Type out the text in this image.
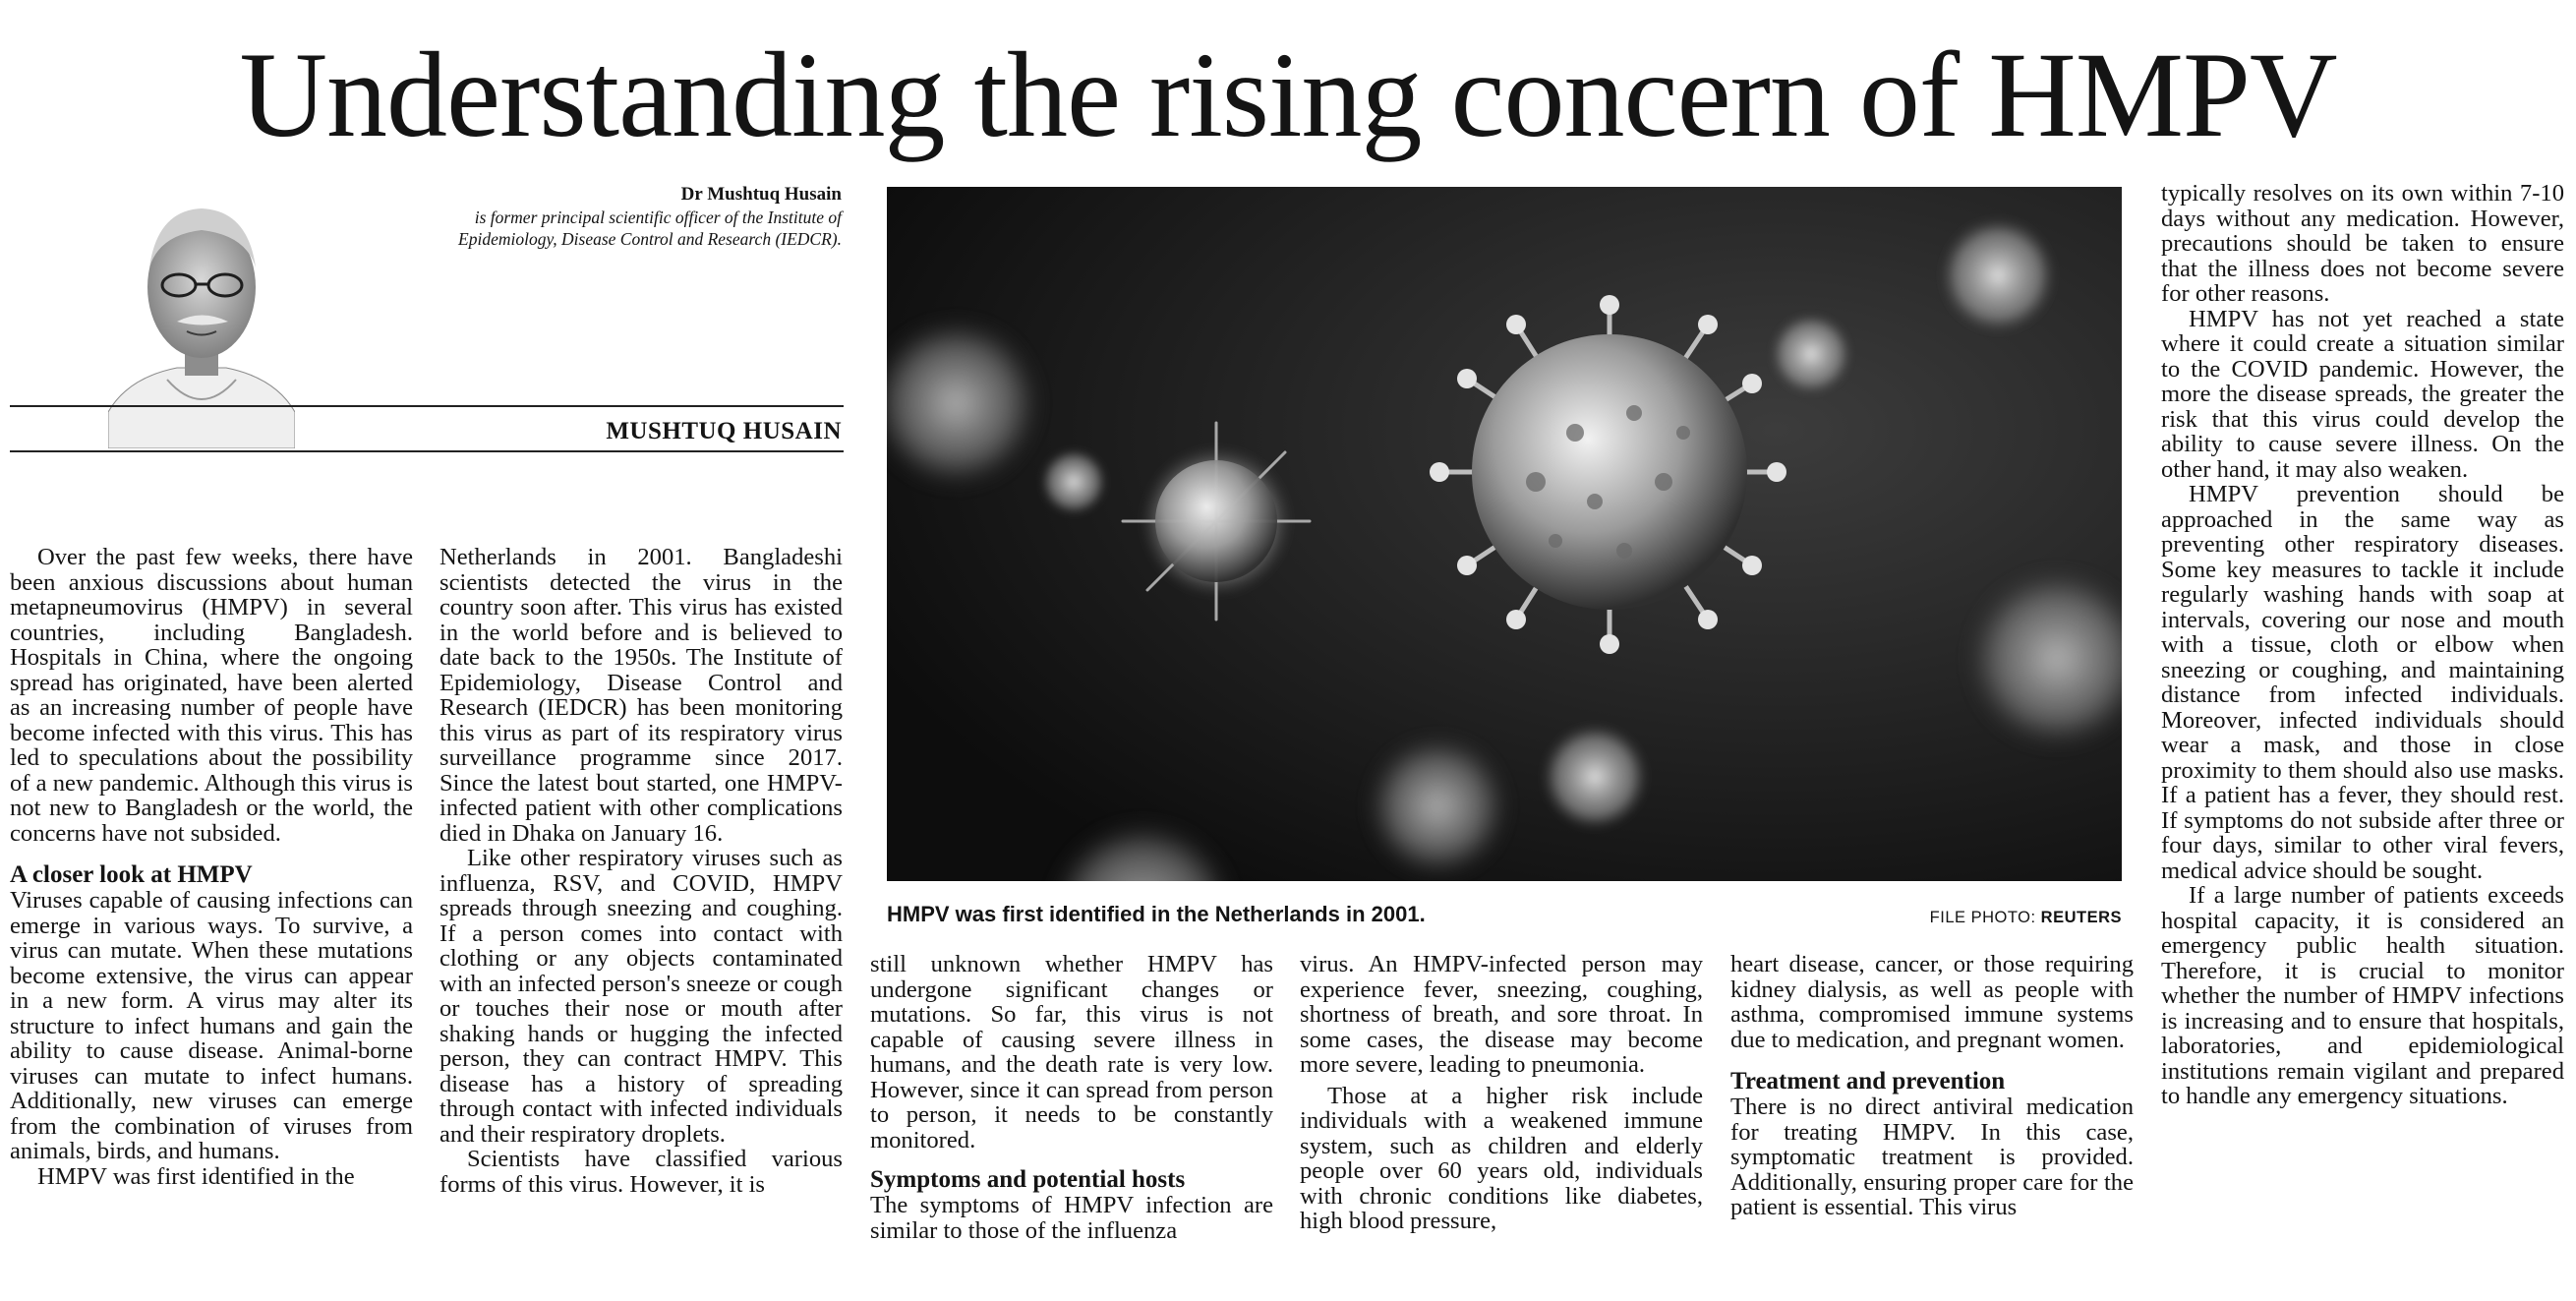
Understanding the rising concern of HMPV
Dr Mushtuq Husain
is former principal scientific officer of the Institute of Epidemiology, Disease Control and Research (IEDCR).
MUSHTUQ HUSAIN

Over the past few weeks, there have been anxious discussions about human metapneumovirus (HMPV) in several countries, including Bangladesh. Hospitals in China, where the ongoing spread has originated, have been alerted as an increasing number of people have become infected with this virus. This has led to speculations about the possibility of a new pandemic. Although this virus is not new to Bangladesh or the world, the concerns have not subsided.

A closer look at HMPV

Viruses capable of causing infections can emerge in various ways. To survive, a virus can mutate. When these mutations become extensive, the virus can appear in a new form. A virus may alter its structure to infect humans and gain the ability to cause disease. Animal-borne viruses can mutate to infect humans. Additionally, new viruses can emerge from the combination of viruses from animals, birds, and humans.

HMPV was first identified in the

Netherlands in 2001. Bangladeshi scientists detected the virus in the country soon after. This virus has existed in the world before and is believed to date back to the 1950s. The Institute of Epidemiology, Disease Control and Research (IEDCR) has been monitoring this virus as part of its respiratory virus surveillance programme since 2017. Since the latest bout started, one HMPV-infected patient with other complications died in Dhaka on January 16.

Like other respiratory viruses such as influenza, RSV, and COVID, HMPV spreads through sneezing and coughing. If a person comes into contact with clothing or any objects contaminated with an infected person's sneeze or cough or touches their nose or mouth after shaking hands or hugging the infected person, they can contract HMPV. This disease has a history of spreading through contact with infected individuals and their respiratory droplets.

Scientists have classified various forms of this virus. However, it is

HMPV was first identified in the Netherlands in 2001.	FILE PHOTO: REUTERS

still unknown whether HMPV has undergone significant changes or mutations. So far, this virus is not capable of causing severe illness in humans, and the death rate is very low. However, since it can spread from person to person, it needs to be constantly monitored.

Symptoms and potential hosts

The symptoms of HMPV infection are similar to those of the influenza

virus. An HMPV-infected person may experience fever, sneezing, coughing, shortness of breath, and sore throat. In some cases, the disease may become more severe, leading to pneumonia.

Those at a higher risk include individuals with a weakened immune system, such as children and elderly people over 60 years old, individuals with chronic conditions like diabetes, high blood pressure,

heart disease, cancer, or those requiring kidney dialysis, as well as people with asthma, compromised immune systems due to medication, and pregnant women.

Treatment and prevention

There is no direct antiviral medication for treating HMPV. In this case, symptomatic treatment is provided. Additionally, ensuring proper care for the patient is essential. This virus

typically resolves on its own within 7-10 days without any medication. However, precautions should be taken to ensure that the illness does not become severe for other reasons.

HMPV has not yet reached a state where it could create a situation similar to the COVID pandemic. However, the more the disease spreads, the greater the risk that this virus could develop the ability to cause severe illness. On the other hand, it may also weaken.

HMPV prevention should be approached in the same way as preventing other respiratory diseases. Some key measures to tackle it include regularly washing hands with soap at intervals, covering our nose and mouth with a tissue, cloth or elbow when sneezing or coughing, and maintaining distance from infected individuals. Moreover, infected individuals should wear a mask, and those in close proximity to them should also use masks. If a patient has a fever, they should rest. If symptoms do not subside after three or four days, similar to other viral fevers, medical advice should be sought.

If a large number of patients exceeds hospital capacity, it is considered an emergency public health situation. Therefore, it is crucial to monitor whether the number of HMPV infections is increasing and to ensure that hospitals, laboratories, and epidemiological institutions remain vigilant and prepared to handle any emergency situations.
